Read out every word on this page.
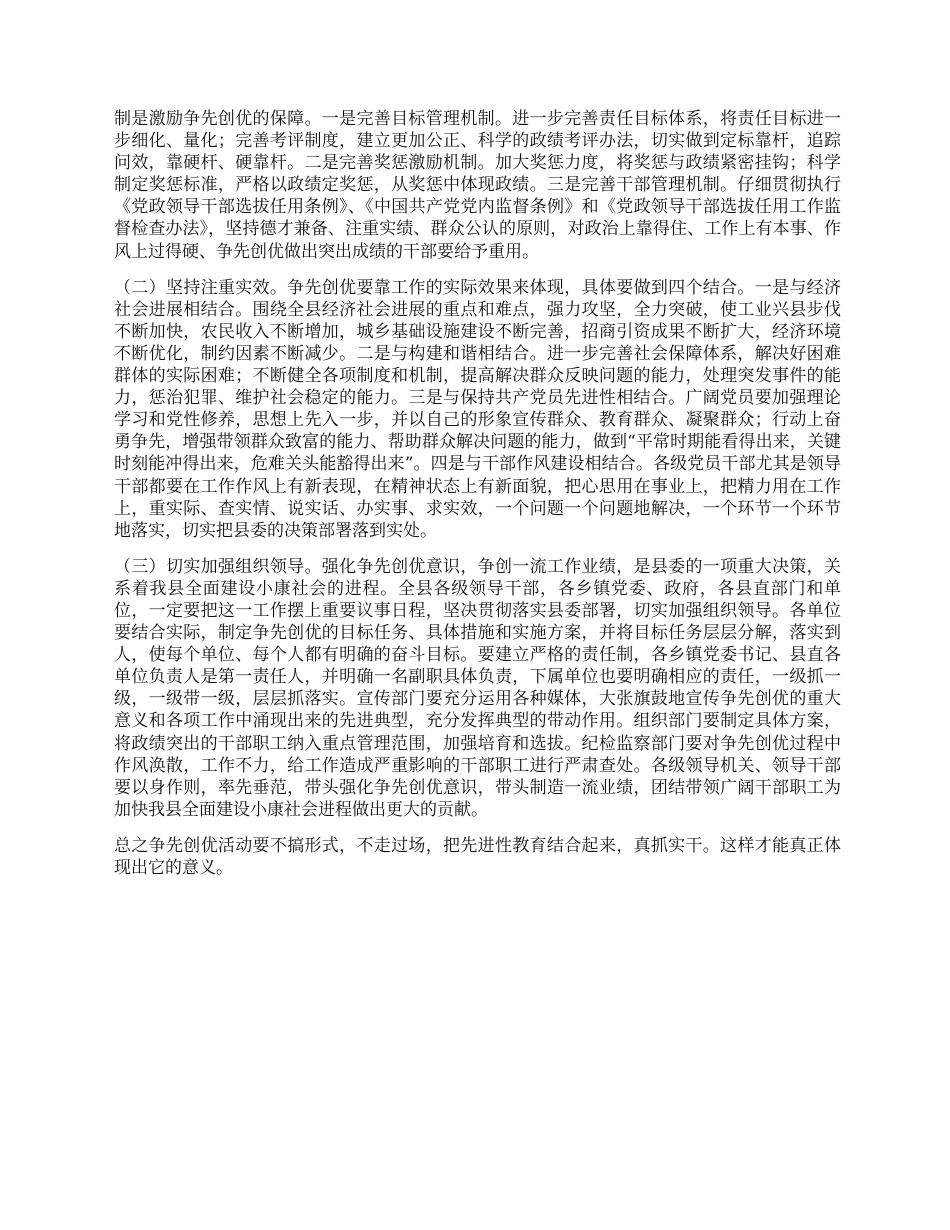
制是激励争先创优的保障。一是完善目标管理机制。进一步完善责任目标体系，将责任目标进一步细化、量化；完善考评制度，建立更加公正、科学的政绩考评办法，切实做到定标靠杆，追踪问效，靠硬杆、硬靠杆。二是完善奖惩激励机制。加大奖惩力度，将奖惩与政绩紧密挂钩；科学制定奖惩标准，严格以政绩定奖惩，从奖惩中体现政绩。三是完善干部管理机制。仔细贯彻执行《党政领导干部选拔任用条例》、《中国共产党党内监督条例》和《党政领导干部选拔任用工作监督检查办法》，坚持德才兼备、注重实绩、群众公认的原则，对政治上靠得住、工作上有本事、作风上过得硬、争先创优做出突出成绩的干部要给予重用。

（二）坚持注重实效。争先创优要靠工作的实际效果来体现，具体要做到四个结合。一是与经济社会进展相结合。围绕全县经济社会进展的重点和难点，强力攻坚，全力突破，使工业兴县步伐不断加快，农民收入不断增加，城乡基础设施建设不断完善，招商引资成果不断扩大，经济环境不断优化，制约因素不断减少。二是与构建和谐相结合。进一步完善社会保障体系，解决好困难群体的实际困难；不断健全各项制度和机制，提高解决群众反映问题的能力，处理突发事件的能力，惩治犯罪、维护社会稳定的能力。三是与保持共产党员先进性相结合。广阔党员要加强理论学习和党性修养，思想上先入一步，并以自己的形象宣传群众、教育群众、凝聚群众；行动上奋勇争先，增强带领群众致富的能力、帮助群众解决问题的能力，做到“平常时期能看得出来，关键时刻能冲得出来，危难关头能豁得出来”。四是与干部作风建设相结合。各级党员干部尤其是领导干部都要在工作作风上有新表现，在精神状态上有新面貌，把心思用在事业上，把精力用在工作上，重实际、查实情、说实话、办实事、求实效，一个问题一个问题地解决，一个环节一个环节地落实，切实把县委的决策部署落到实处。

（三）切实加强组织领导。强化争先创优意识，争创一流工作业绩，是县委的一项重大决策，关系着我县全面建设小康社会的进程。全县各级领导干部，各乡镇党委、政府，各县直部门和单位，一定要把这一工作摆上重要议事日程，坚决贯彻落实县委部署，切实加强组织领导。各单位要结合实际，制定争先创优的目标任务、具体措施和实施方案，并将目标任务层层分解，落实到人，使每个单位、每个人都有明确的奋斗目标。要建立严格的责任制，各乡镇党委书记、县直各单位负责人是第一责任人，并明确一名副职具体负责，下属单位也要明确相应的责任，一级抓一级，一级带一级，层层抓落实。宣传部门要充分运用各种媒体，大张旗鼓地宣传争先创优的重大意义和各项工作中涌现出来的先进典型，充分发挥典型的带动作用。组织部门要制定具体方案，将政绩突出的干部职工纳入重点管理范围，加强培育和选拔。纪检监察部门要对争先创优过程中作风涣散，工作不力，给工作造成严重影响的干部职工进行严肃查处。各级领导机关、领导干部要以身作则，率先垂范，带头强化争先创优意识，带头制造一流业绩，团结带领广阔干部职工为加快我县全面建设小康社会进程做出更大的贡献。

总之争先创优活动要不搞形式，不走过场，把先进性教育结合起来，真抓实干。这样才能真正体现出它的意义。
